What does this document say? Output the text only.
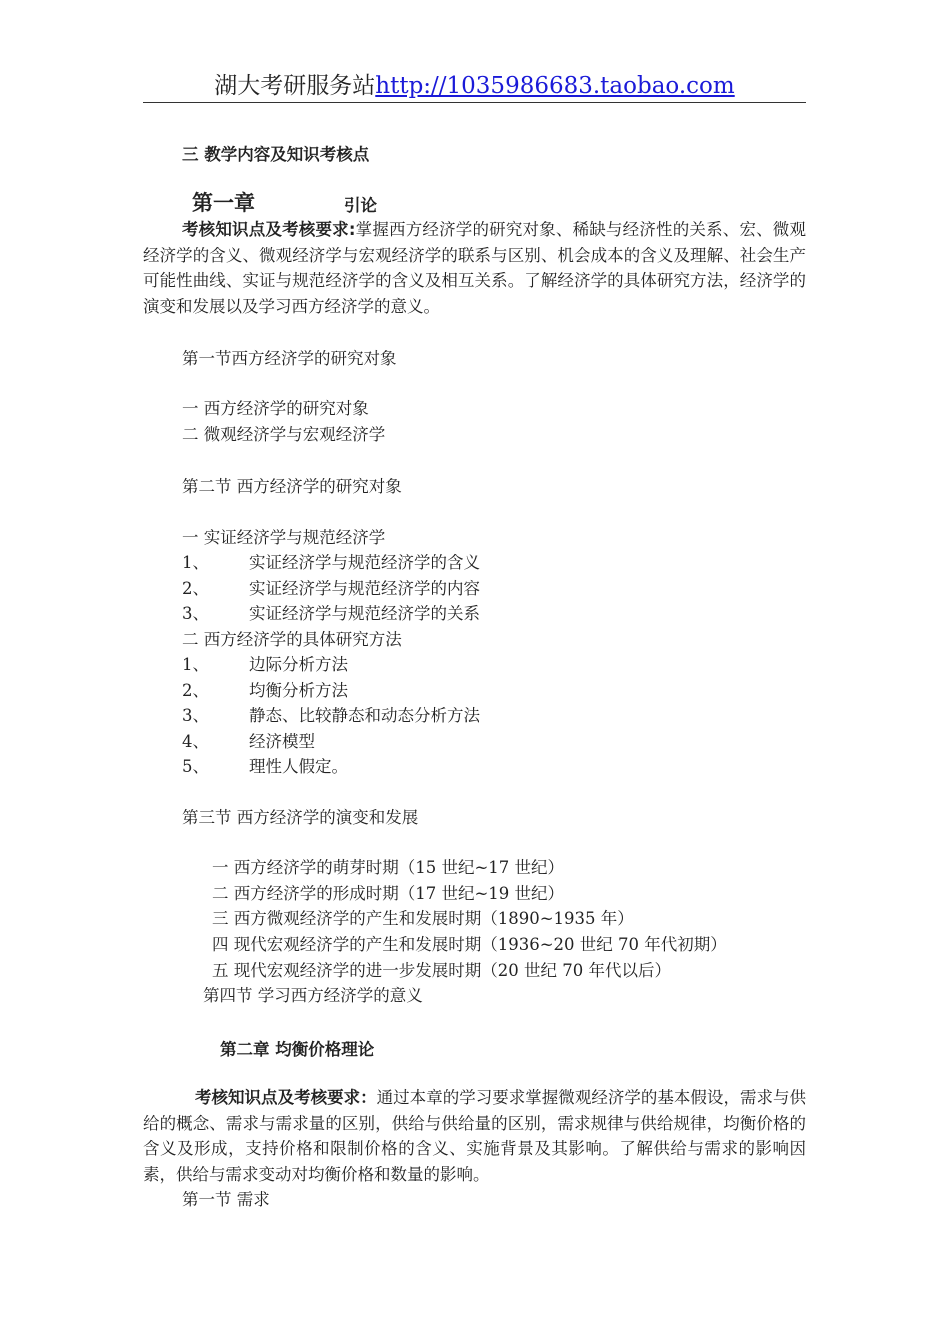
湖大考研服务站http://1035986683.taobao.com
三 教学内容及知识考核点
第一章	引论
考核知识点及考核要求:掌握西方经济学的研究对象、稀缺与经济性的关系、宏、微观经济学的含义、微观经济学与宏观经济学的联系与区别、机会成本的含义及理解、社会生产可能性曲线、实证与规范经济学的含义及相互关系。了解经济学的具体研究方法，经济学的演变和发展以及学习西方经济学的意义。
第一节西方经济学的研究对象
一 西方经济学的研究对象
二 微观经济学与宏观经济学
第二节 西方经济学的研究对象
一 实证经济学与规范经济学
1、 实证经济学与规范经济学的含义
2、 实证经济学与规范经济学的内容
3、 实证经济学与规范经济学的关系
二 西方经济学的具体研究方法
1、 边际分析方法
2、 均衡分析方法
3、 静态、比较静态和动态分析方法
4、 经济模型
5、 理性人假定。
第三节 西方经济学的演变和发展
一 西方经济学的萌芽时期（15 世纪~17 世纪）
二 西方经济学的形成时期（17 世纪~19 世纪）
三 西方微观经济学的产生和发展时期（1890~1935 年）
四 现代宏观经济学的产生和发展时期（1936~20 世纪 70 年代初期）
五 现代宏观经济学的进一步发展时期（20 世纪 70 年代以后）
第四节 学习西方经济学的意义
第二章 均衡价格理论
考核知识点及考核要求：通过本章的学习要求掌握微观经济学的基本假设，需求与供给的概念、需求与需求量的区别，供给与供给量的区别，需求规律与供给规律，均衡价格的含义及形成，支持价格和限制价格的含义、实施背景及其影响。了解供给与需求的影响因素，供给与需求变动对均衡价格和数量的影响。
第一节 需求
